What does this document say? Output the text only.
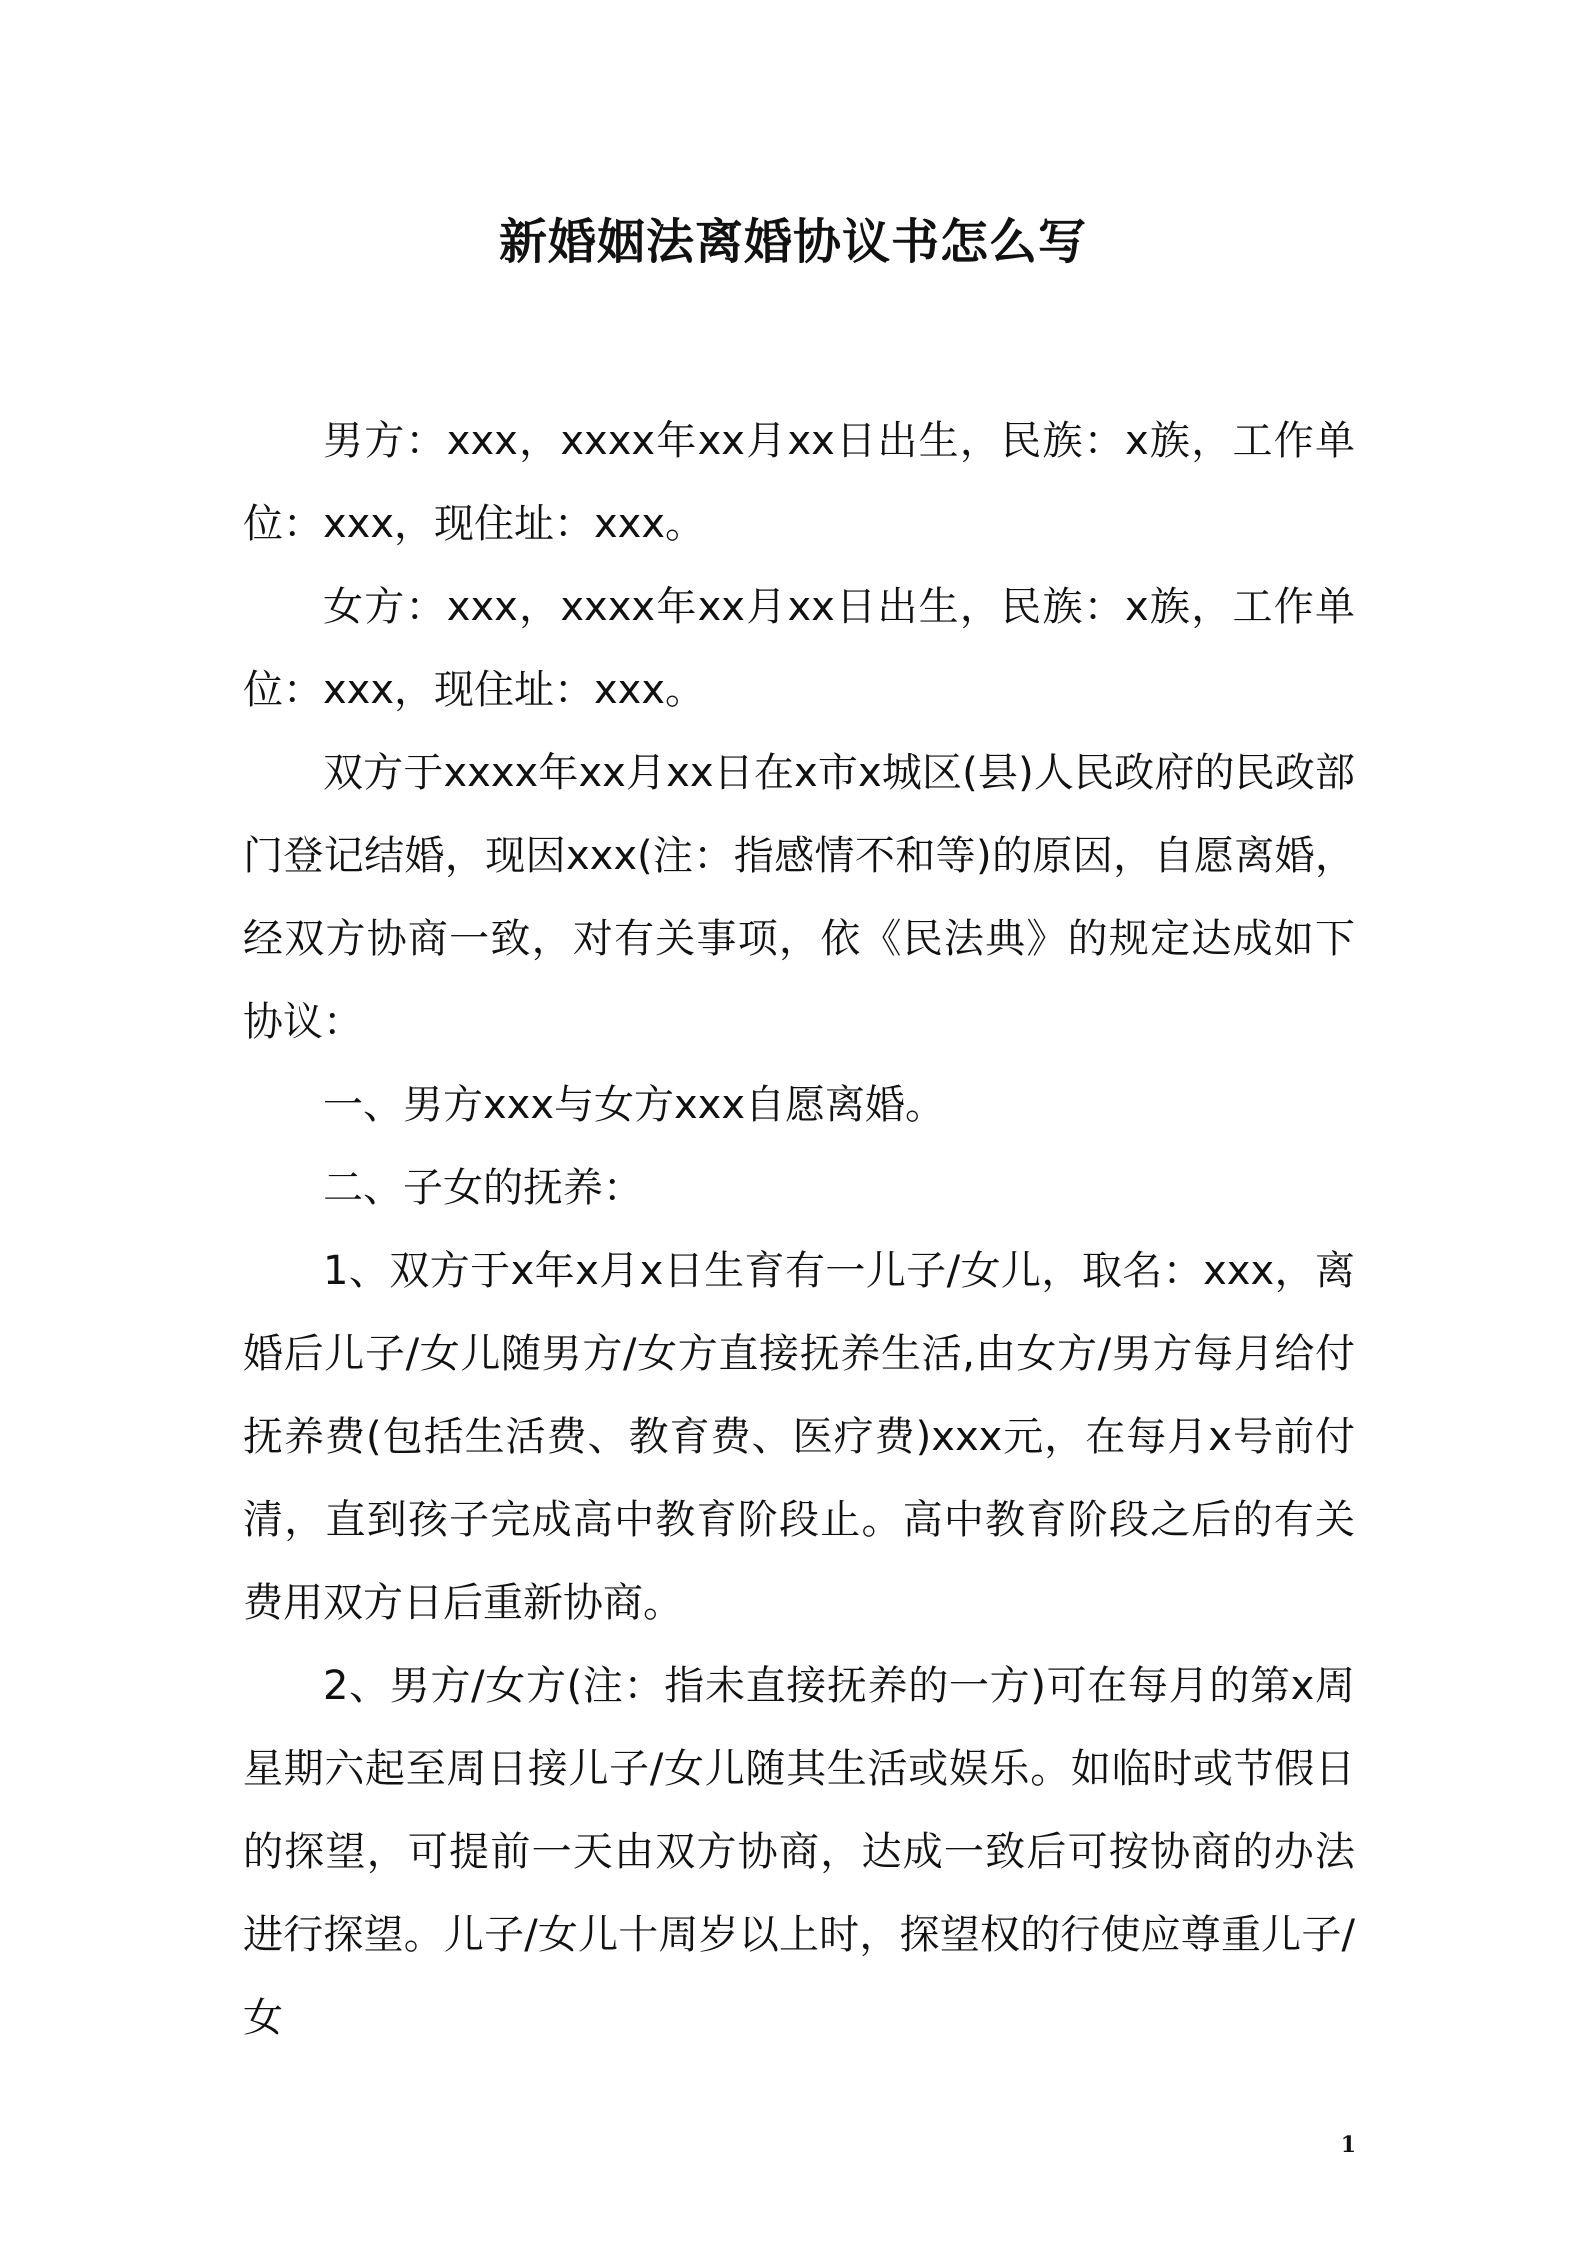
新婚姻法离婚协议书怎么写

男方：xxx，xxxx年xx月xx日出生，民族：x族，工作单位：xxx，现住址：xxx。

女方：xxx，xxxx年xx月xx日出生，民族：x族，工作单位：xxx，现住址：xxx。

双方于xxxx年xx月xx日在x市x城区(县)人民政府的民政部门登记结婚，现因xxx(注：指感情不和等)的原因，自愿离婚，经双方协商一致，对有关事项，依《民法典》的规定达成如下协议：

一、男方xxx与女方xxx自愿离婚。

二、子女的抚养：

1、双方于x年x月x日生育有一儿子/女儿，取名：xxx，离婚后儿子/女儿随男方/女方直接抚养生活,由女方/男方每月给付抚养费(包括生活费、教育费、医疗费)xxx元，在每月x号前付清，直到孩子完成高中教育阶段止。高中教育阶段之后的有关费用双方日后重新协商。

2、男方/女方(注：指未直接抚养的一方)可在每月的第x周星期六起至周日接儿子/女儿随其生活或娱乐。如临时或节假日的探望，可提前一天由双方协商，达成一致后可按协商的办法进行探望。儿子/女儿十周岁以上时，探望权的行使应尊重儿子/女

1
